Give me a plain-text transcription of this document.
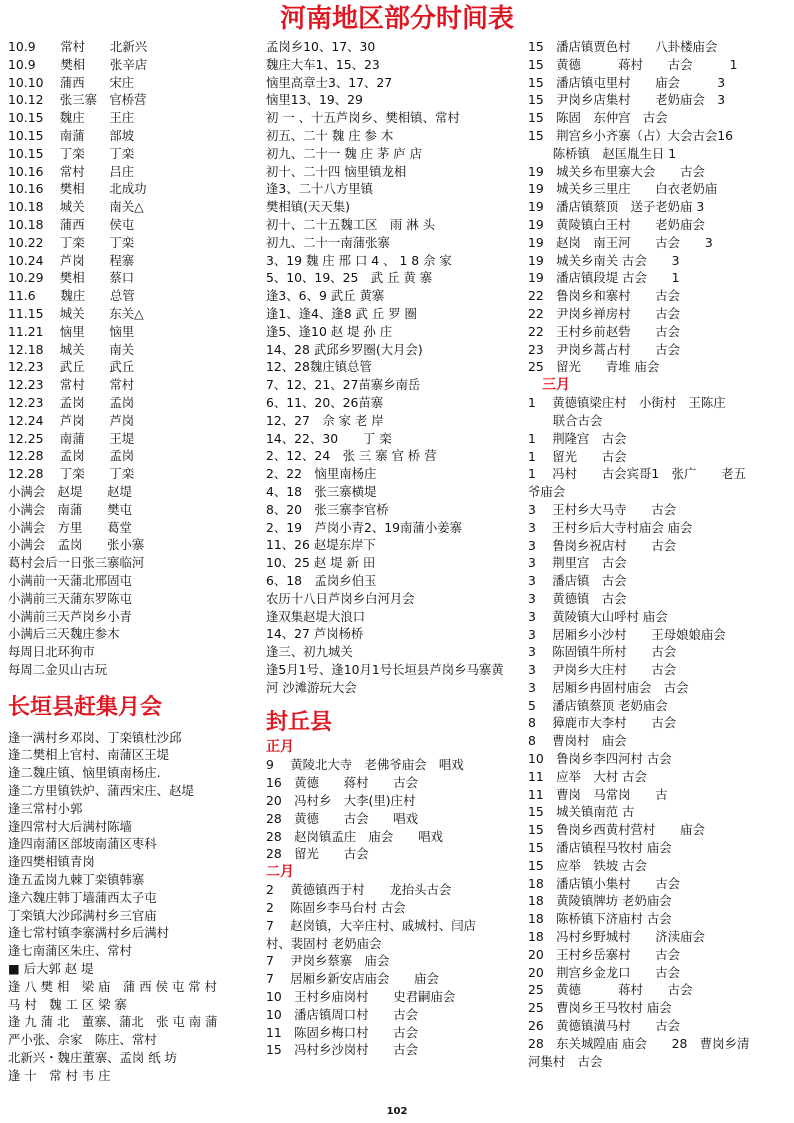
河南地区部分时间表
10.9　　常村　　北新兴
10.9　　樊相　　张辛店
10.10　 蒲西　　宋庄
10.12　 张三寨　官桥营
10.15　 魏庄　　王庄
10.15　 南蒲　　部坡
10.15　 丁栾　　丁栾
10.16　 常村　　吕庄
10.16　 樊相　　北成功
10.18　 城关　　南关△
10.18　 蒲西　　侯屯
10.22　 丁栾　　丁栾
10.24　 芦岗　　程寨
10.29　 樊相　　蔡口
11.6　　魏庄　　总管
11.15　 城关　　东关△
11.21　 恼里　　恼里
12.18　 城关　　南关
12.23　 武丘　　武丘
12.23　 常村　　常村
12.23　 孟岗　　孟岗
12.24　 芦岗　　芦岗
12.25　 南蒲　　王堤
12.28　 孟岗　　孟岗
12.28　 丁栾　　丁栾
小满会　赵堤　　赵堤
小满会　南蒲　　樊屯
小满会　方里　　葛堂
小满会　孟岗　　张小寨
葛村会后一日张三寨临河
小满前一天蒲北邢固屯
小满前三天蒲东罗陈屯
小满前三天芦岗乡小青
小满后三天魏庄参木
每周日北环狗市
每周二金贝山古玩
长垣县赶集月会
逢一满村乡邓岗、丁栾镇杜沙邱
逢二樊相上官村、南蒲区王堤
逢二魏庄镇、恼里镇南杨庄.
逢二方里镇铁炉、蒲西宋庄、赵堤
逢三常村小郭
逢四常村大后满村陈墙
逢四南蒲区部坡南蒲区枣科
逢四樊相镇青岗
逢五孟岗九棘丁栾镇韩寨
逢六魏庄韩丁墙蒲西太子屯
丁栾镇大沙邱满村乡三官庙
逢七常村镇李寨满村乡后满村
逢七南蒲区朱庄、常村
■ 后大郭 赵 堤
逢 八 樊 相　梁 庙　蒲 西 侯 屯 常 村
马 村　魏 工 区 梁 寨
逢 九 蒲 北　董寨、蒲北　张 屯 南 蒲
严小张、佘家　陈庄、常村
北新兴・魏庄董寨、孟岗 纸 坊
逢 十　常 村 韦 庄
孟岗乡10、17、30
魏庄大车1、15、23
恼里高章士3、17、27
恼里13、19、29
初 一 、十五芦岗乡、樊相镇、常村
初五、二十 魏 庄 参 木
初九、二十一 魏 庄 茅 庐 店
初十、二十四 恼里镇龙相
逢3、二十八方里镇
樊相镇(天天集)
初十、二十五魏工区　雨 淋 头
初九、二十一南蒲张寨
3、19 魏 庄 邢 口 4 、 1 8 佘 家
5、10、19、25　武 丘 黄 寨
逢3、6、9 武丘 黄寨
逢1、逢4、逢8 武 丘 罗 圈
逢5、逢10 赵 堤 孙 庄
14、28 武邱乡罗圈(大月会)
12、28魏庄镇总管
7、12、21、27苗寨乡南岳
6、11、20、26苗寨
12、27　佘 家 老 岸
14、22、30　　丁 栾
2、12、24　张 三 寨 官 桥 营
2、22　恼里南杨庄
4、18　张三寨横堤
8、20　张三寨李官桥
2、19　芦岗小青2、19南蒲小姜寨
11、26 赵堤东岸下
10、25 赵 堤 新 田
6、18　孟岗乡伯玉
农历十八日芦岗乡白河月会
逢双集赵堤大浪口
14、27 芦岗杨桥
逢三、初九城关
逢5月1号、逢10月1号长垣县芦岗乡马寨黄
河 沙滩游玩大会
封丘县
正月
9　 黄陵北大寺　老佛爷庙会　唱戏
16　黄德　　蒋村　　古会
20　冯村乡　大李(里)庄村
28　黄德　　古会　　唱戏
28　赵岗镇孟庄　庙会　　唱戏
28　留光　　古会
二月
2　 黄德镇西于村　　龙抬头古会
2　 陈固乡李马台村 古会
7　 赵岗镇，大辛庄村、戚城村、闫店
村、裴固村 老奶庙会
7　 尹岗乡蔡寨　庙会
7　 居厢乡新安店庙会　　庙会
10　王村乡庙岗村　　史君嗣庙会
10　潘店镇周口村　　古会
11　陈固乡梅口村　　古会
15　冯村乡沙岗村　　古会
15　潘店镇贾色村　　八卦楼庙会
15　黄德　　　蒋村　　古会　　　1
15　潘店镇屯里村　　庙会　　　3
15　尹岗乡店集村　　老奶庙会　3
15　陈固　东仲宫　古会
15　荆宫乡小齐寨（占）大会古会16
　　陈桥镇　赵匡胤生日 1
19　城关乡布里寨大会　　古会
19　城关乡三里庄　　白衣老奶庙
19　潘店镇蔡顶　送子老奶庙 3
19　黄陵镇白王村　　老奶庙会
19　赵岗　南王河　　古会　　3
19　城关乡南关 古会　　3
19　潘店镇段堤 古会　　1
22　鲁岗乡和寨村　　古会
22　尹岗乡禅房村　　古会
22　王村乡前赵砦　　古会
23　尹岗乡蒿占村　　古会
25　留光　　青堆 庙会
三月
1　 黄德镇梁庄村　小街村　王陈庄
　　联合古会
1　 荆隆宫　古会
1　 留光　　古会
1　 冯村　　古会宾哥1　张广　　老五
爷庙会
3　 王村乡大马寺　　古会
3　 王村乡后大寺村庙会 庙会
3　 鲁岗乡祝店村　　古会
3　 荆里宫　古会
3　 潘店镇　古会
3　 黄德镇　古会
3　 黄陵镇大山呼村 庙会
3　 居厢乡小沙村　　王母娘娘庙会
3　 陈固镇牛所村　　古会
3　 尹岗乡大庄村　　古会
3　 居厢乡冉固村庙会　古会
5　 潘店镇蔡顶 老奶庙会
8　 獐鹿市大李村　　古会
8　 曹岗村　庙会
10　鲁岗乡李四河村 古会
11　应举　大村 古会
11　曹岗　马常岗　　古
15　城关镇南范 古
15　鲁岗乡西黄村营村　　庙会
15　潘店镇程马牧村 庙会
15　应举　铁坡 古会
18　潘店镇小集村　　古会
18　黄陵镇牌坊 老奶庙会
18　陈桥镇下济庙村 古会
18　冯村乡野城村　　济渎庙会
20　王村乡岳寨村　　古会
20　荆宫乡金龙口　　古会
25　黄德　　　蒋村　　古会
25　曹岗乡王马牧村 庙会
26　黄德镇潢马村　　古会
28　东关城隍庙 庙会　　28　曹岗乡清
河集村　古会
102
